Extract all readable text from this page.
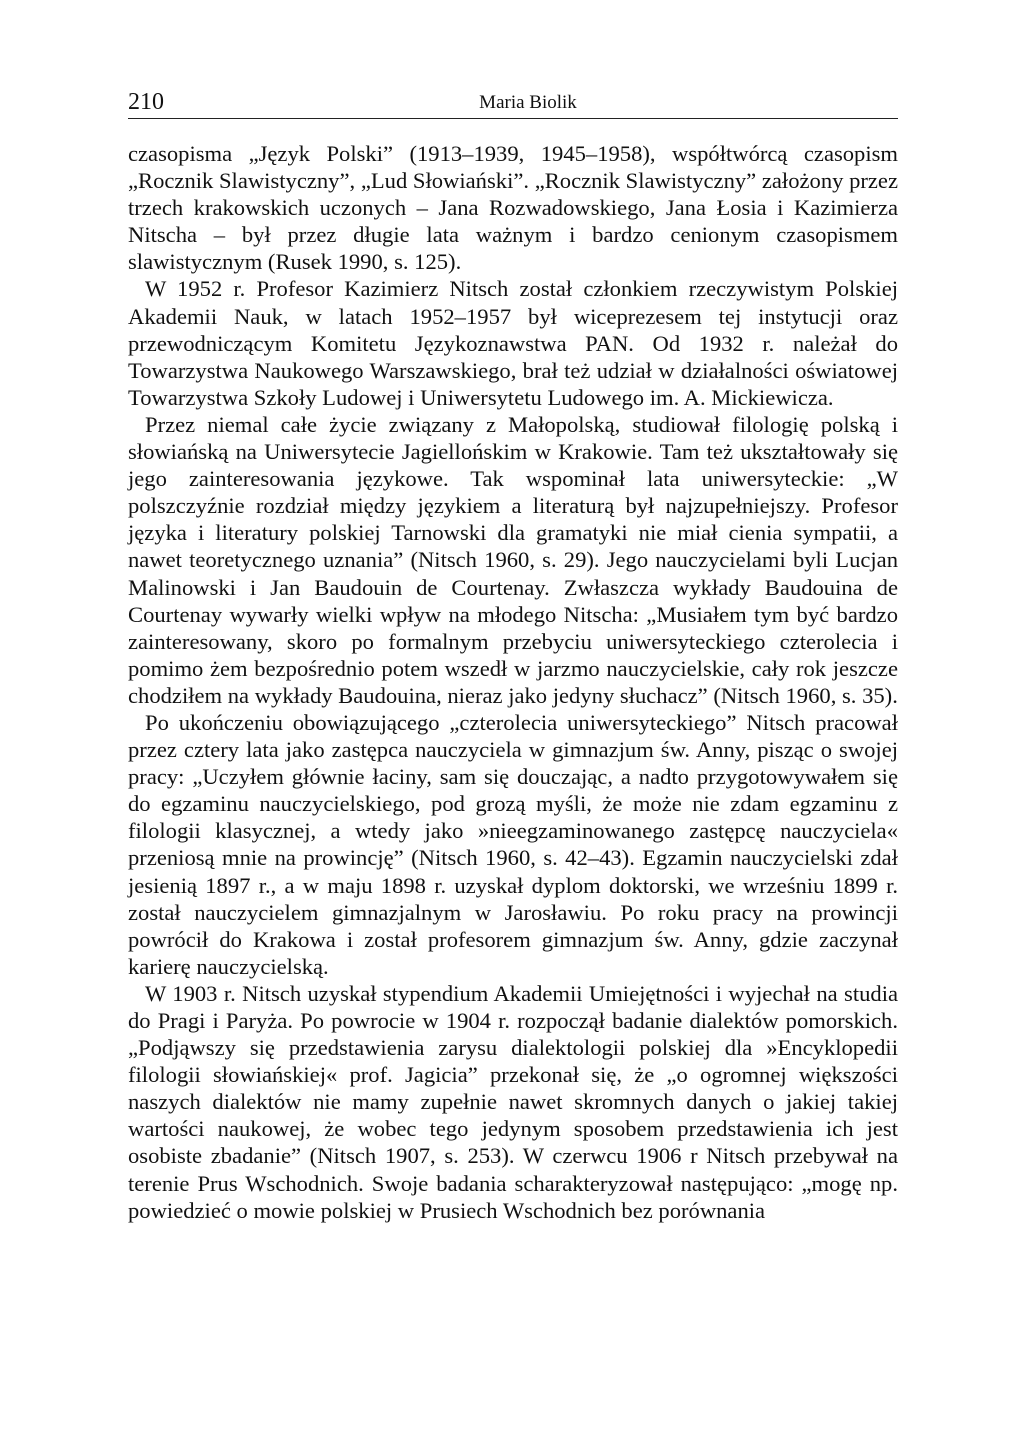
210	Maria Biolik

czasopisma „Język Polski” (1913–1939, 1945–1958), współtwórcą czasopism „Rocznik Slawistyczny”, „Lud Słowiański”. „Rocznik Slawistyczny” założony przez trzech krakowskich uczonych – Jana Rozwadowskiego, Jana Łosia i Kazimierza Nitscha – był przez długie lata ważnym i bardzo cenionym czasopismem slawistycznym (Rusek 1990, s. 125).

W 1952 r. Profesor Kazimierz Nitsch został członkiem rzeczywistym Polskiej Akademii Nauk, w latach 1952–1957 był wiceprezesem tej instytucji oraz przewodniczącym Komitetu Językoznawstwa PAN. Od 1932 r. należał do Towarzystwa Naukowego Warszawskiego, brał też udział w działalności oświatowej Towarzystwa Szkoły Ludowej i Uniwersytetu Ludowego im. A. Mickiewicza.

Przez niemal całe życie związany z Małopolską, studiował filologię polską i słowiańską na Uniwersytecie Jagiellońskim w Krakowie. Tam też ukształtowały się jego zainteresowania językowe. Tak wspominał lata uniwersyteckie: „W polszczyźnie rozdział między językiem a literaturą był najzupełniejszy. Profesor języka i literatury polskiej Tarnowski dla gramatyki nie miał cienia sympatii, a nawet teoretycznego uznania” (Nitsch 1960, s. 29). Jego nauczycielami byli Lucjan Malinowski i Jan Baudouin de Courtenay. Zwłaszcza wykłady Baudouina de Courtenay wywarły wielki wpływ na młodego Nitscha: „Musiałem tym być bardzo zainteresowany, skoro po formalnym przebyciu uniwersyteckiego czterolecia i pomimo żem bezpośrednio potem wszedł w jarzmo nauczycielskie, cały rok jeszcze chodziłem na wykłady Baudouina, nieraz jako jedyny słuchacz” (Nitsch 1960, s. 35).

Po ukończeniu obowiązującego „czterolecia uniwersyteckiego” Nitsch pracował przez cztery lata jako zastępca nauczyciela w gimnazjum św. Anny, pisząc o swojej pracy: „Uczyłem głównie łaciny, sam się douczając, a nadto przygotowywałem się do egzaminu nauczycielskiego, pod grozą myśli, że może nie zdam egzaminu z filologii klasycznej, a wtedy jako »nieegzaminowanego zastępcę nauczyciela« przeniosą mnie na prowincję” (Nitsch 1960, s. 42–43). Egzamin nauczycielski zdał jesienią 1897 r., a w maju 1898 r. uzyskał dyplom doktorski, we wrześniu 1899 r. został nauczycielem gimnazjalnym w Jarosławiu. Po roku pracy na prowincji powrócił do Krakowa i został profesorem gimnazjum św. Anny, gdzie zaczynał karierę nauczycielską.

W 1903 r. Nitsch uzyskał stypendium Akademii Umiejętności i wyjechał na studia do Pragi i Paryża. Po powrocie w 1904 r. rozpoczął badanie dialektów pomorskich. „Podjąwszy się przedstawienia zarysu dialektologii polskiej dla »Encyklopedii filologii słowiańskiej« prof. Jagicia” przekonał się, że „o ogromnej większości naszych dialektów nie mamy zupełnie nawet skromnych danych o jakiej takiej wartości naukowej, że wobec tego jedynym sposobem przedstawienia ich jest osobiste zbadanie” (Nitsch 1907, s. 253). W czerwcu 1906 r Nitsch przebywał na terenie Prus Wschodnich. Swoje badania scharakteryzował następująco: „mogę np. powiedzieć o mowie polskiej w Prusiech Wschodnich bez porównania
